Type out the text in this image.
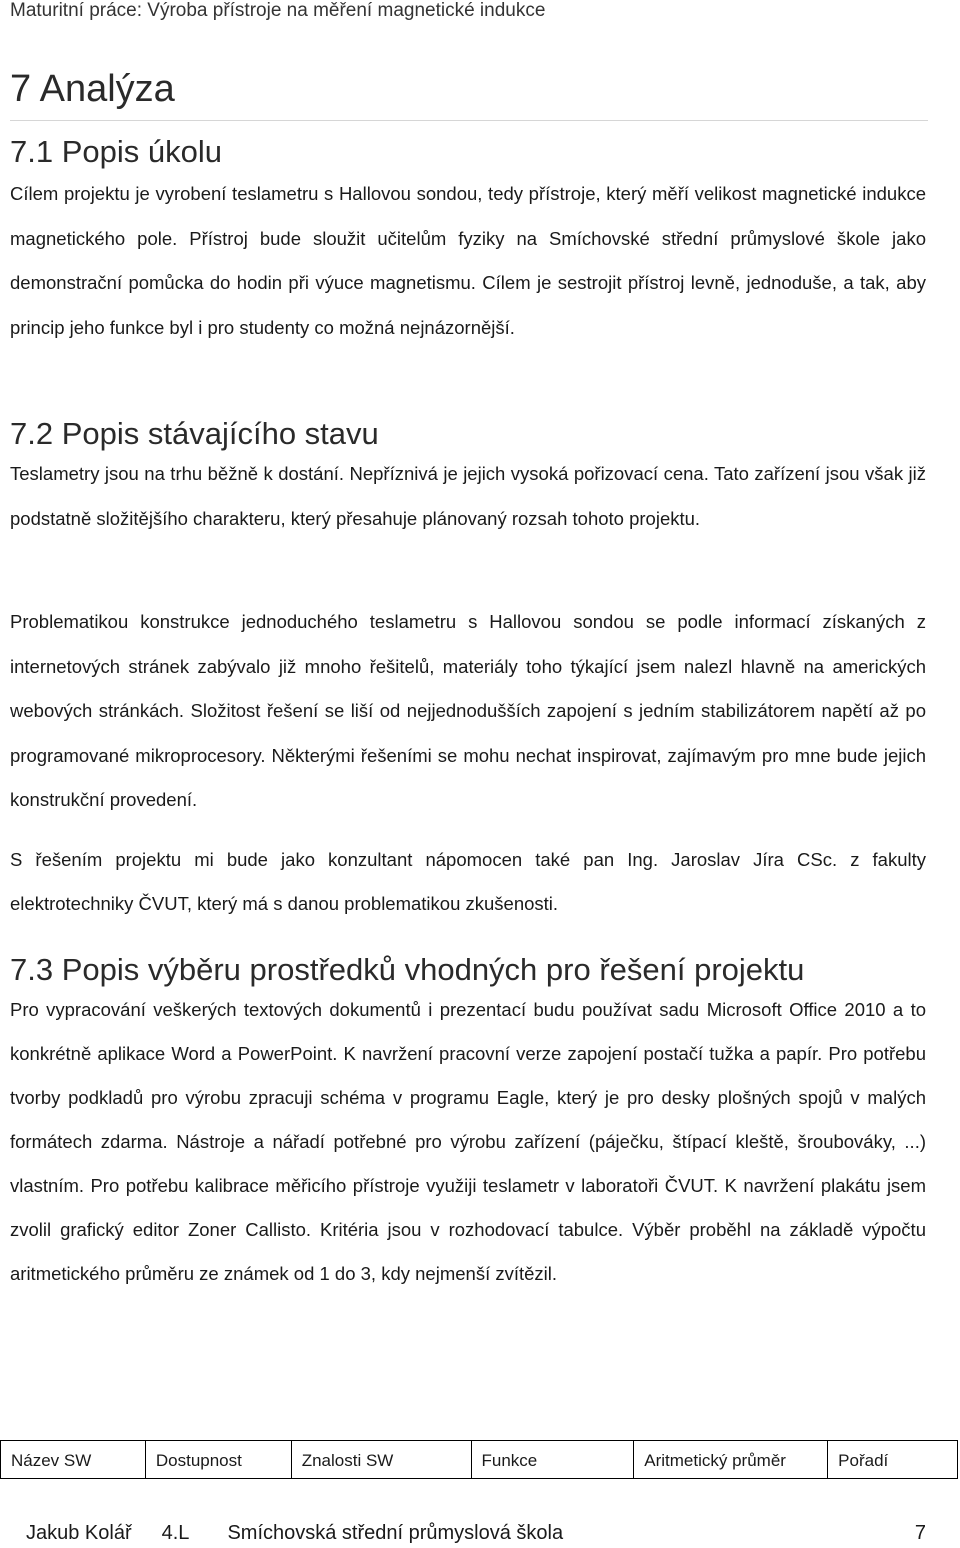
Maturitní práce: Výroba přístroje na měření magnetické indukce
7 Analýza
7.1 Popis úkolu

Cílem projektu je vyrobení teslametru s Hallovou sondou, tedy přístroje, který měří velikost magnetické indukce magnetického pole. Přístroj bude sloužit učitelům fyziky na Smíchovské střední průmyslové škole jako demonstrační pomůcka do hodin při výuce magnetismu. Cílem je sestrojit přístroj levně, jednoduše, a tak, aby princip jeho funkce byl i pro studenty co možná nejnázornější.

7.2 Popis stávajícího stavu

Teslametry jsou na trhu běžně k dostání. Nepříznivá je jejich vysoká pořizovací cena. Tato zařízení jsou však již podstatně složitějšího charakteru, který přesahuje plánovaný rozsah tohoto projektu.

Problematikou konstrukce jednoduchého teslametru s Hallovou sondou se podle informací získaných z internetových stránek zabývalo již mnoho řešitelů, materiály toho týkající jsem nalezl hlavně na amerických webových stránkách. Složitost řešení se liší od nejjednodušších zapojení s jedním stabilizátorem napětí až po programované mikroprocesory. Některými řešeními se mohu nechat inspirovat, zajímavým pro mne bude jejich konstrukční provedení.

S řešením projektu mi bude jako konzultant nápomocen také pan Ing. Jaroslav Jíra CSc. z fakulty elektrotechniky ČVUT, který má s danou problematikou zkušenosti.

7.3 Popis výběru prostředků vhodných pro řešení projektu

Pro vypracování veškerých textových dokumentů i prezentací budu používat sadu Microsoft Office 2010 a to konkrétně aplikace Word a PowerPoint. K navržení pracovní verze zapojení postačí tužka a papír. Pro potřebu tvorby podkladů pro výrobu zpracuji schéma v programu Eagle, který je pro desky plošných spojů v malých formátech zdarma. Nástroje a nářadí potřebné pro výrobu zařízení (páječku, štípací kleště, šroubováky, ...) vlastním. Pro potřebu kalibrace měřicího přístroje využiji teslametr v laboratoři ČVUT. K navržení plakátu jsem zvolil grafický editor Zoner Callisto. Kritéria jsou v rozhodovací tabulce. Výběr proběhl na základě výpočtu aritmetického průměru ze známek od 1 do 3, kdy nejmenší zvítězil.

Název SW	Dostupnost	Znalosti SW	Funkce	Aritmetický průměr	Pořadí
Jakub Kolář 4.L Smíchovská střední průmyslová škola	7
